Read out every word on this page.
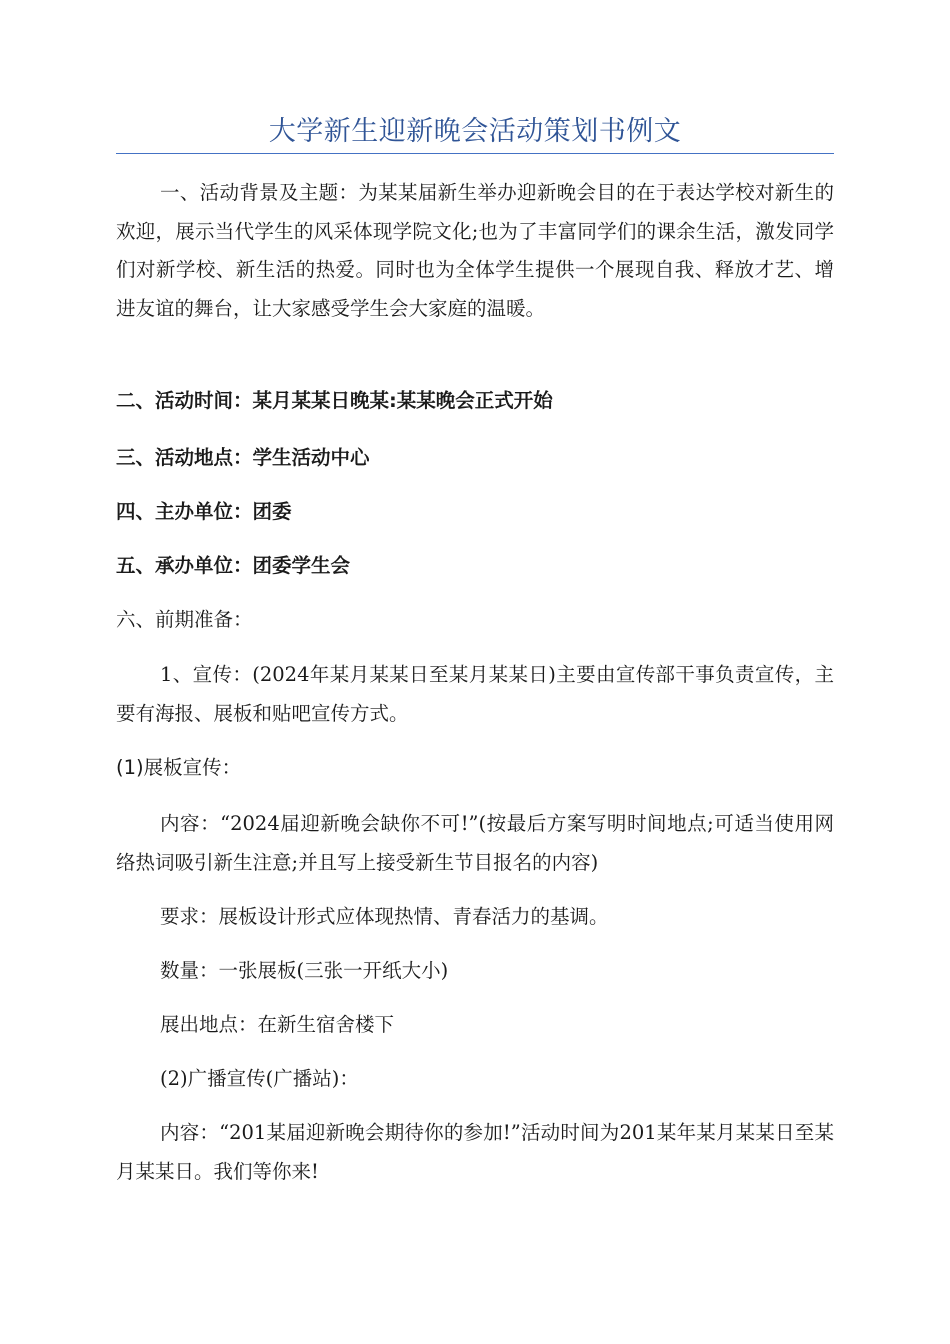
大学新生迎新晚会活动策划书例文

一、活动背景及主题：为某某届新生举办迎新晚会目的在于表达学校对新生的欢迎，展示当代学生的风采体现学院文化;也为了丰富同学们的课余生活，激发同学们对新学校、新生活的热爱。同时也为全体学生提供一个展现自我、释放才艺、增进友谊的舞台，让大家感受学生会大家庭的温暖。

二、活动时间：某月某某日晚某:某某晚会正式开始

三、活动地点：学生活动中心

四、主办单位：团委

五、承办单位：团委学生会

六、前期准备：

1、宣传：(2024年某月某某日至某月某某日)主要由宣传部干事负责宣传，主要有海报、展板和贴吧宣传方式。

(1)展板宣传：

内容：“2024届迎新晚会缺你不可!”(按最后方案写明时间地点;可适当使用网络热词吸引新生注意;并且写上接受新生节目报名的内容)

要求：展板设计形式应体现热情、青春活力的基调。

数量：一张展板(三张一开纸大小)

展出地点：在新生宿舍楼下

(2)广播宣传(广播站)：

内容：“201某届迎新晚会期待你的参加!”活动时间为201某年某月某某日至某月某某日。我们等你来!
